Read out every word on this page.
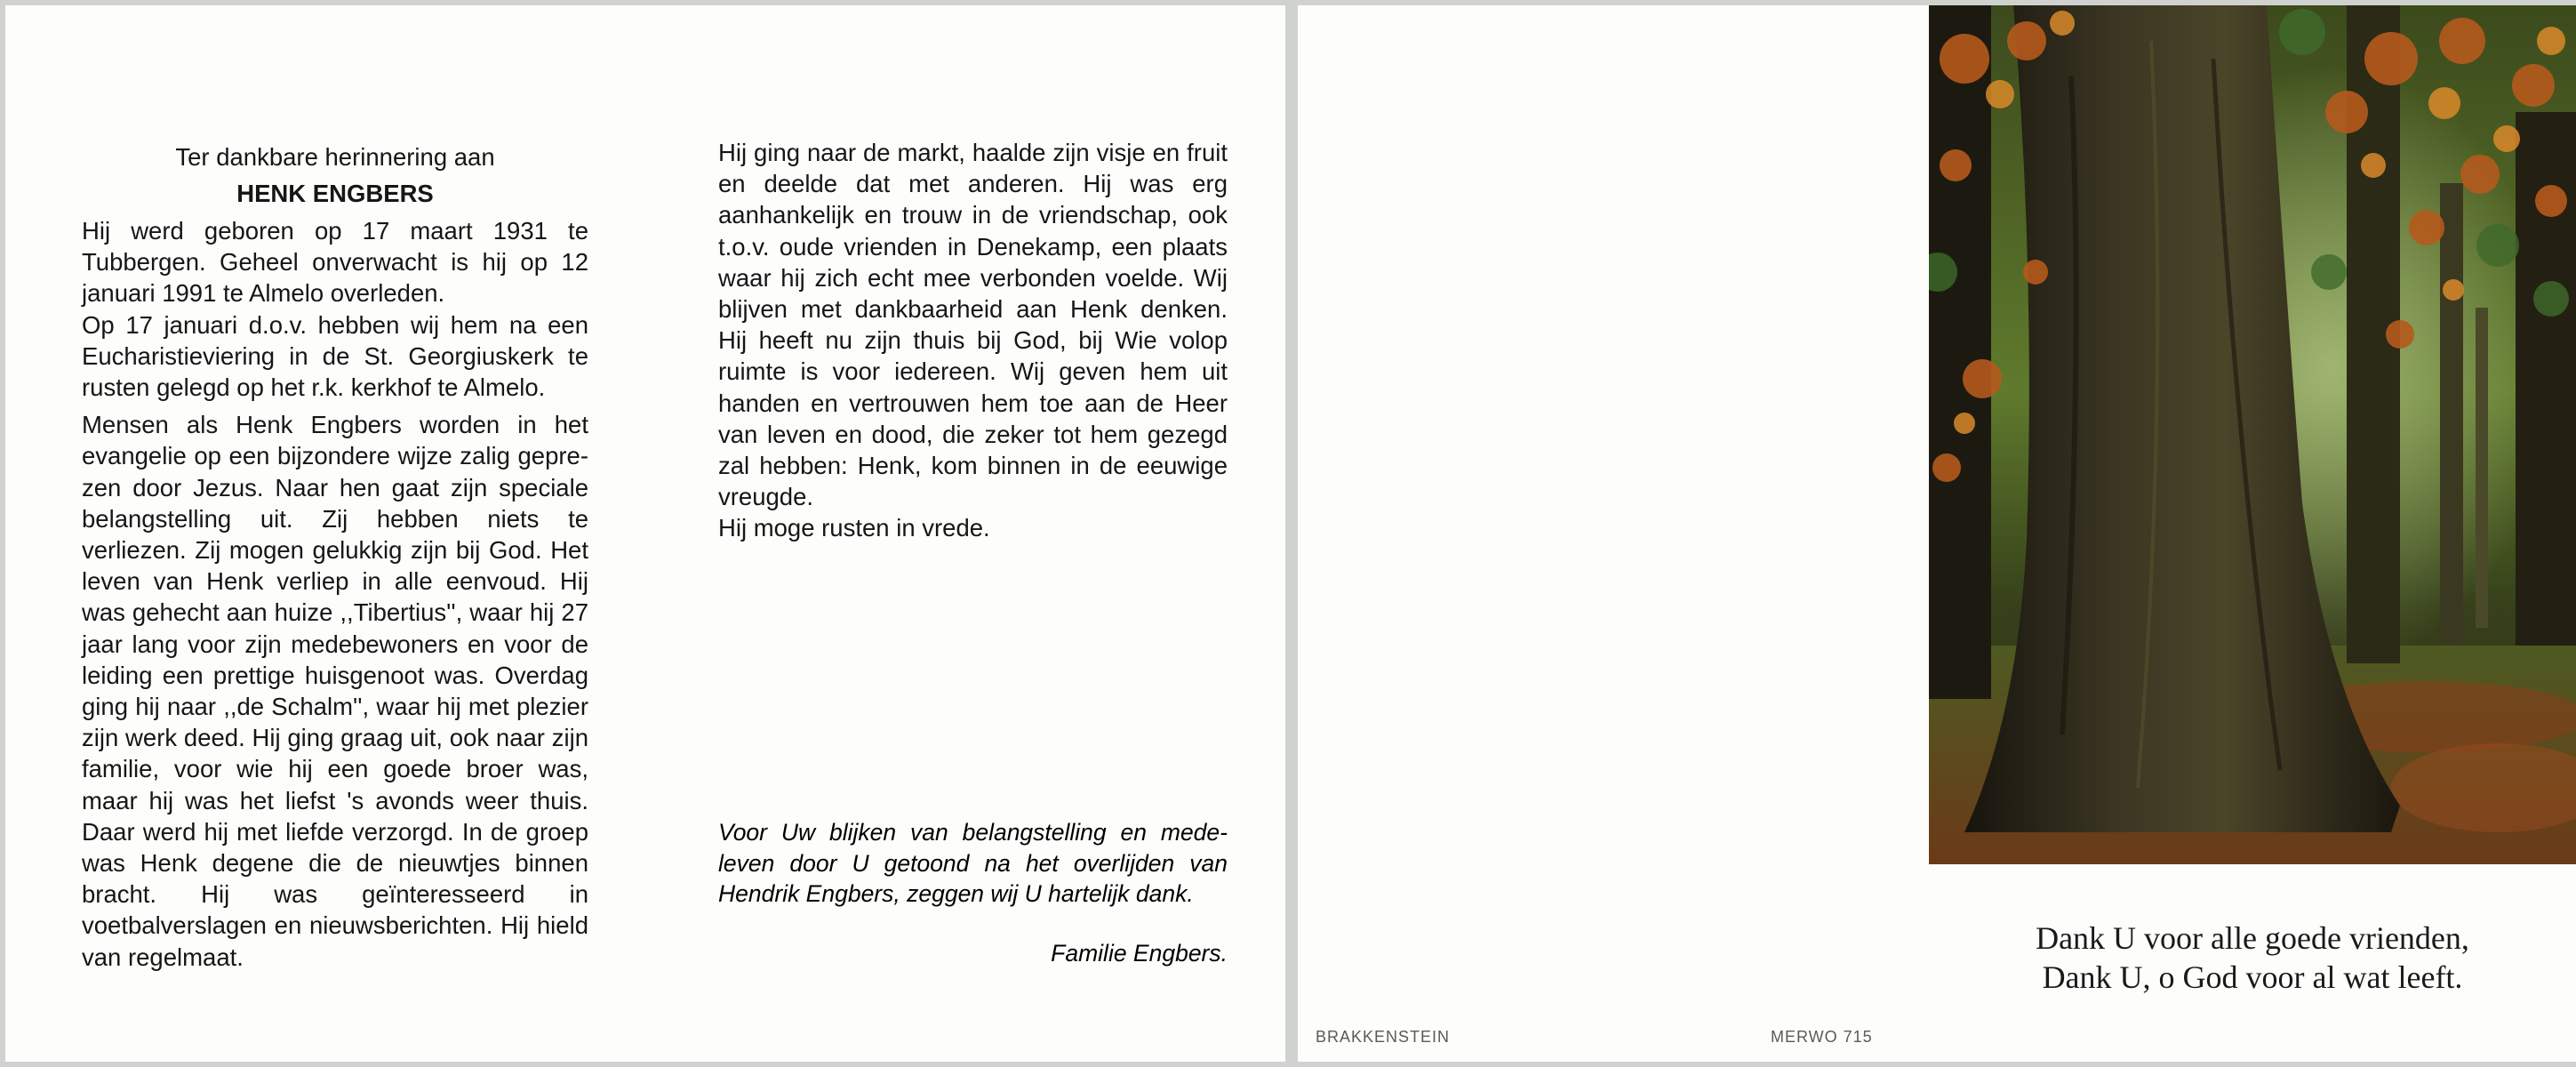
Ter dankbare herinnering aan

HENK ENGBERS

Hij werd geboren op 17 maart 1931 te Tubbergen. Geheel onverwacht is hij op 12 januari 1991 te Almelo overleden.

Op 17 januari d.o.v. hebben wij hem na een Eucharistieviering in de St. Georgiuskerk te rusten gelegd op het r.k. kerkhof te Almelo.

Mensen als Henk Engbers worden in het evangelie op een bijzondere wijze zalig geprezen door Jezus. Naar hen gaat zijn speciale belangstelling uit. Zij hebben niets te verliezen. Zij mogen gelukkig zijn bij God. Het leven van Henk verliep in alle eenvoud. Hij was gehecht aan huize ,,Tibertius'', waar hij 27 jaar lang voor zijn medebewoners en voor de leiding een prettige huisgenoot was. Overdag ging hij naar ,,de Schalm'', waar hij met plezier zijn werk deed. Hij ging graag uit, ook naar zijn familie, voor wie hij een goede broer was, maar hij was het liefst 's avonds weer thuis. Daar werd hij met liefde verzorgd. In de groep was Henk degene die de nieuwtjes binnen bracht. Hij was geïnteresseerd in voetbalverslagen en nieuwsberichten. Hij hield van regelmaat.

Hij ging naar de markt, haalde zijn visje en fruit en deelde dat met anderen. Hij was erg aanhankelijk en trouw in de vriendschap, ook t.o.v. oude vrienden in Denekamp, een plaats waar hij zich echt mee verbonden voelde. Wij blijven met dankbaarheid aan Henk denken. Hij heeft nu zijn thuis bij God, bij Wie volop ruimte is voor iedereen. Wij geven hem uit handen en vertrouwen hem toe aan de Heer van leven en dood, die zeker tot hem gezegd zal hebben: Henk, kom binnen in de eeuwige vreugde.

Hij moge rusten in vrede.

Voor Uw blijken van belangstelling en medeleven door U getoond na het overlijden van Hendrik Engbers, zeggen wij U hartelijk dank.
Familie Engbers.	Dank U voor alle goede vrienden,
Dank U, o God voor al wat leeft.
BRAKKENSTEIN	MERWO 715
